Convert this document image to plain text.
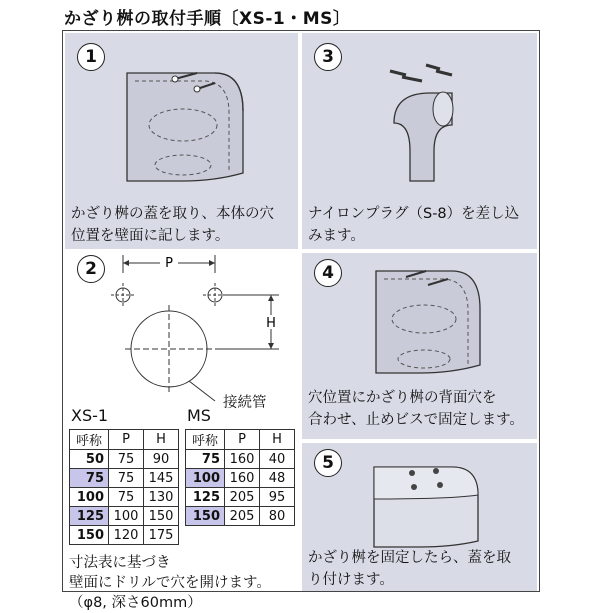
かざり桝の取付手順〔XS-1・MS〕
1
かざり桝の蓋を取り、本体の穴
位置を壁面に記します。
3
ナイロンプラグ（S-8）を差し込
みます。
2	P
H
接続管
XS-1	MS
呼称	P	H
50	75	90
75	75	145
100	75	130
125	100	150
150	120	175
呼称	P	H
75	160	40
100	160	48
125	205	95
150	205	80
寸法表に基づき
壁面にドリルで穴を開けます。
（φ8, 深さ60mm）
4
穴位置にかざり桝の背面穴を
合わせ、止めビスで固定します。
5
かざり桝を固定したら、蓋を取
り付けます。
